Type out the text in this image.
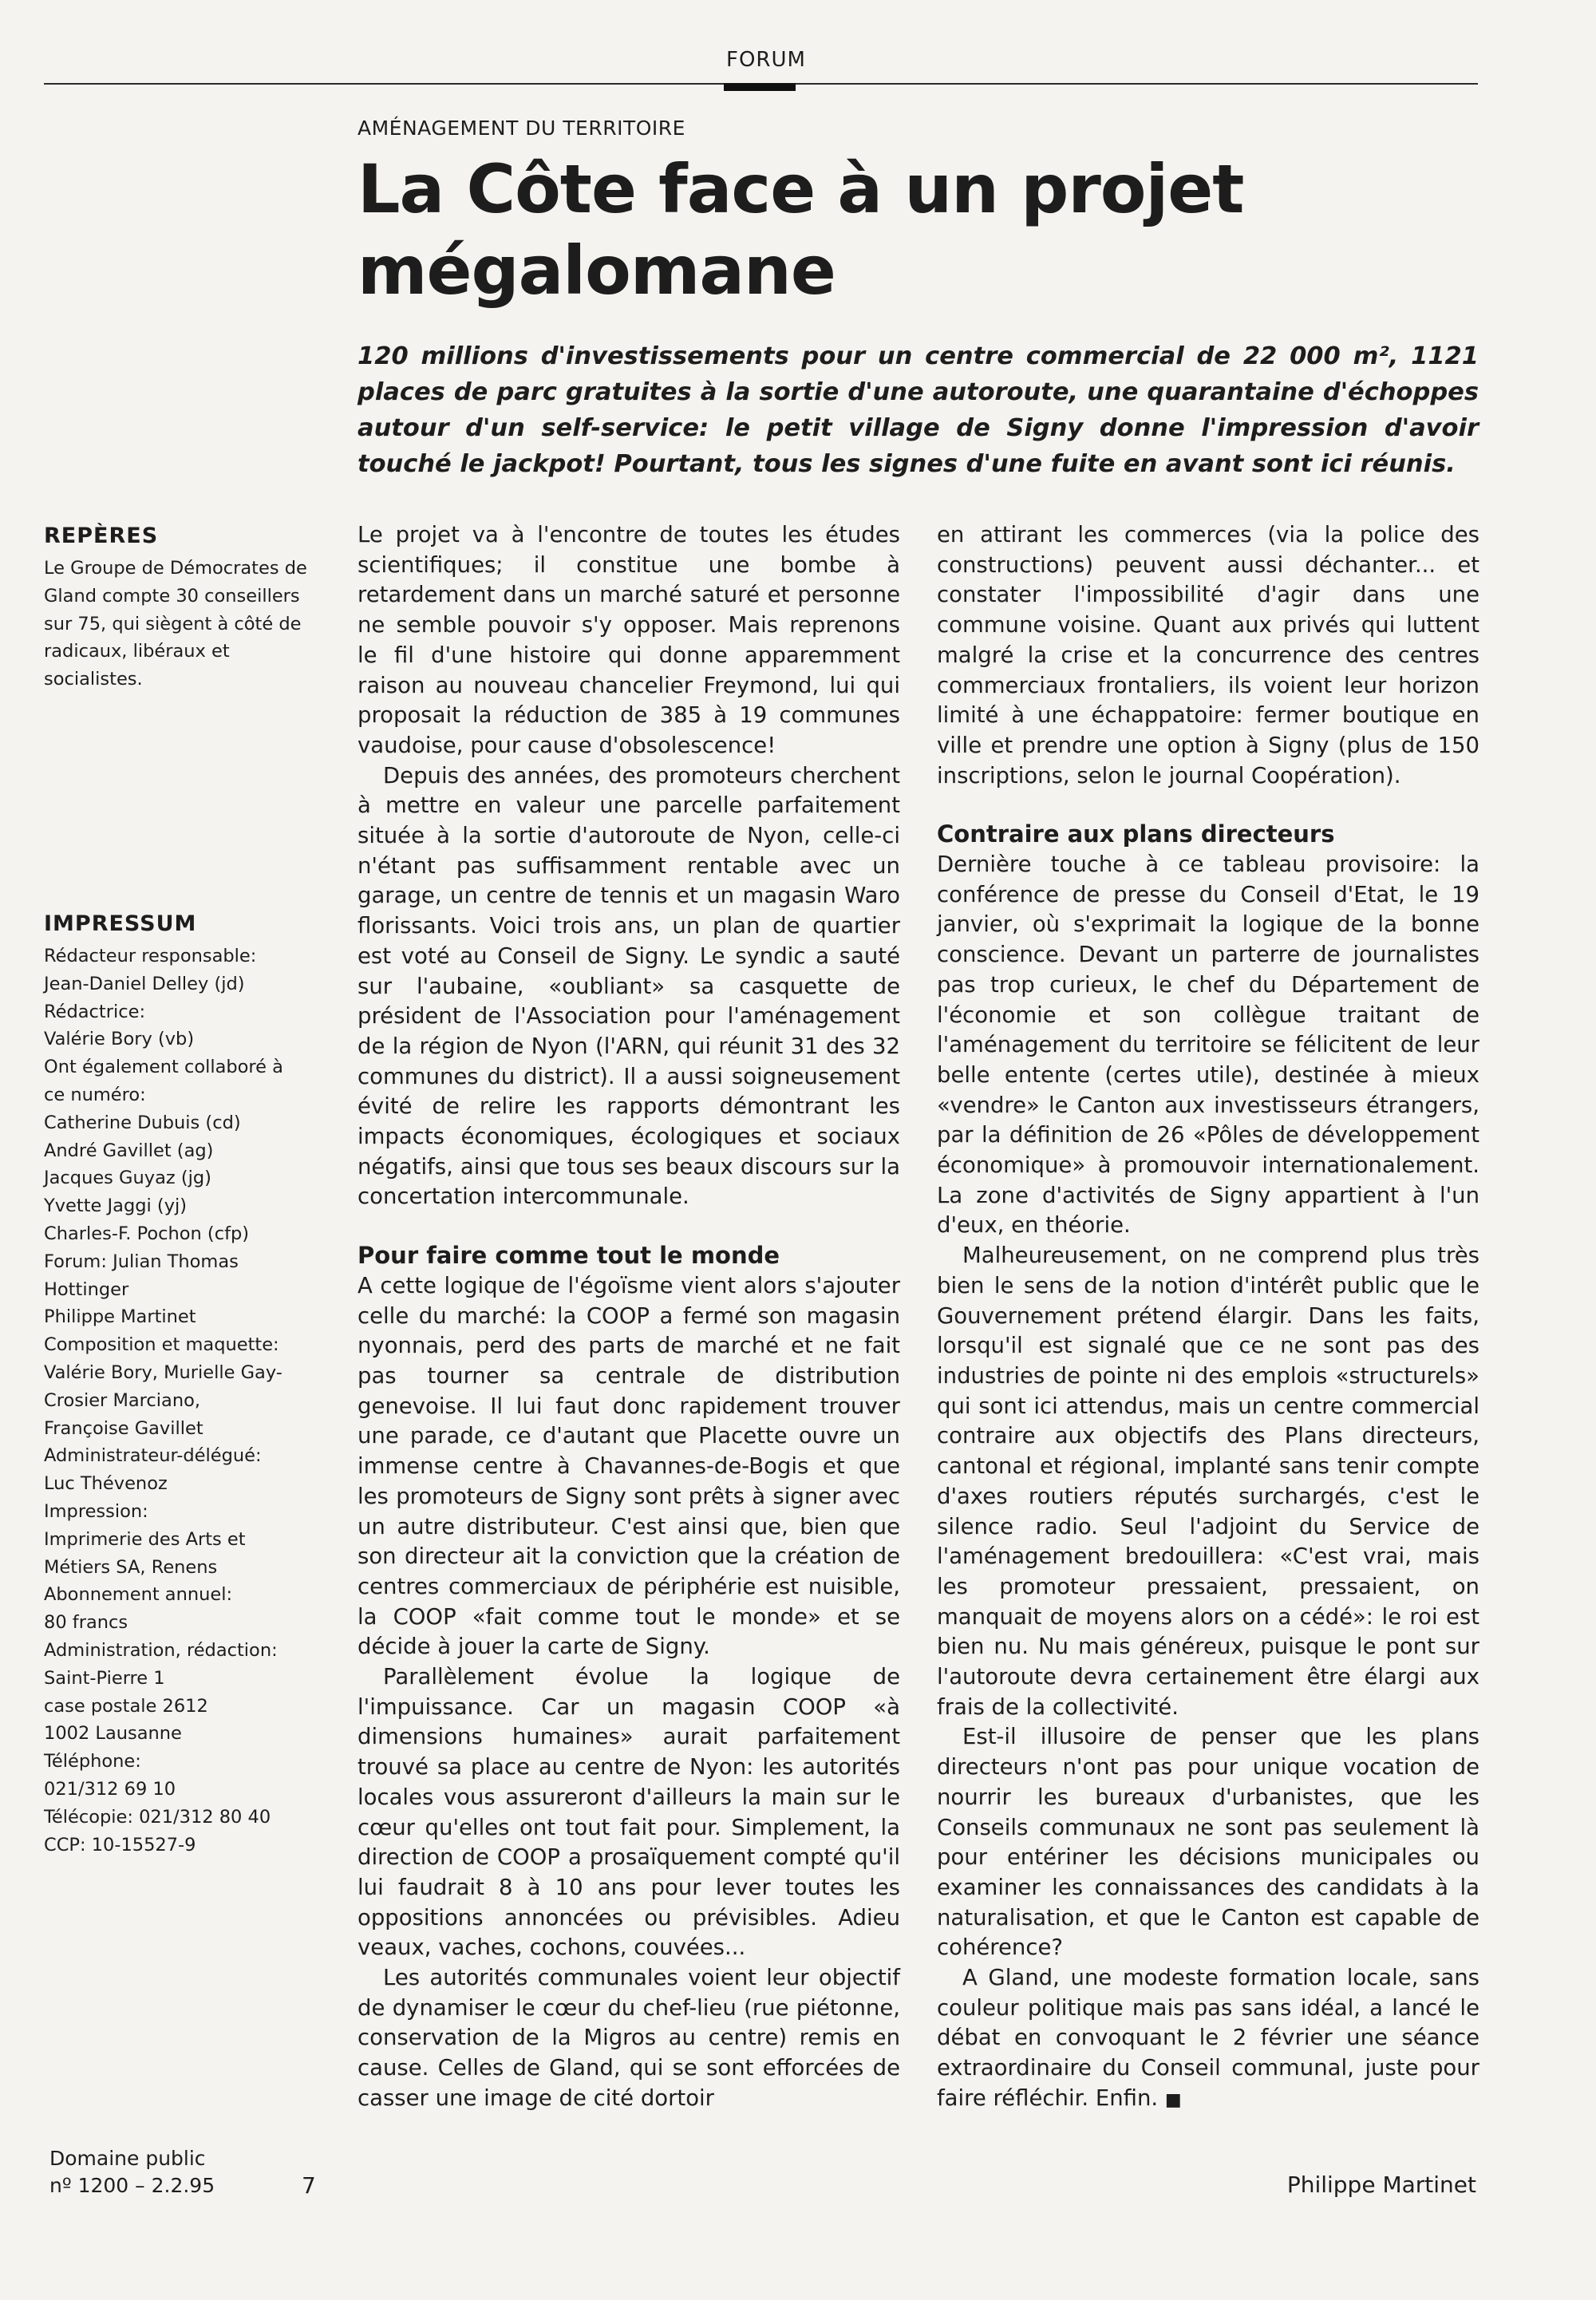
FORUM
AMÉNAGEMENT DU TERRITOIRE
La Côte face à un projet mégalomane

120 millions d'investissements pour un centre commercial de 22 000 m², 1121 places de parc gratuites à la sortie d'une autoroute, une quarantaine d'échoppes autour d'un self-service: le petit village de Signy donne l'impression d'avoir touché le jackpot! Pourtant, tous les signes d'une fuite en avant sont ici réunis.

REPÈRES

Le Groupe de Démocrates de Gland compte 30 conseillers sur 75, qui siègent à côté de radicaux, libéraux et socialistes.

IMPRESSUM
Rédacteur responsable:
Jean-Daniel Delley (jd)
Rédactrice:
Valérie Bory (vb)
Ont également collaboré à
ce numéro:
Catherine Dubuis (cd)
André Gavillet (ag)
Jacques Guyaz (jg)
Yvette Jaggi (yj)
Charles-F. Pochon (cfp)
Forum: Julian Thomas
Hottinger
Philippe Martinet
Composition et maquette:
Valérie Bory, Murielle Gay-
Crosier Marciano,
Françoise Gavillet
Administrateur-délégué:
Luc Thévenoz
Impression:
Imprimerie des Arts et
Métiers SA, Renens
Abonnement annuel:
80 francs
Administration, rédaction:
Saint-Pierre 1
case postale 2612
1002 Lausanne
Téléphone:
021/312 69 10
Télécopie: 021/312 80 40
CCP: 10-15527-9

Le projet va à l'encontre de toutes les études scientifiques; il constitue une bombe à retardement dans un marché saturé et personne ne semble pouvoir s'y opposer. Mais reprenons le fil d'une histoire qui donne apparemment raison au nouveau chancelier Freymond, lui qui proposait la réduction de 385 à 19 communes vaudoise, pour cause d'obsolescence!

Depuis des années, des promoteurs cherchent à mettre en valeur une parcelle parfaitement située à la sortie d'autoroute de Nyon, celle-ci n'étant pas suffisamment rentable avec un garage, un centre de tennis et un magasin Waro florissants. Voici trois ans, un plan de quartier est voté au Conseil de Signy. Le syndic a sauté sur l'aubaine, «oubliant» sa casquette de président de l'Association pour l'aménagement de la région de Nyon (l'ARN, qui réunit 31 des 32 communes du district). Il a aussi soigneusement évité de relire les rapports démontrant les impacts économiques, écologiques et sociaux négatifs, ainsi que tous ses beaux discours sur la concertation intercommunale.

Pour faire comme tout le monde

A cette logique de l'égoïsme vient alors s'ajouter celle du marché: la COOP a fermé son magasin nyonnais, perd des parts de marché et ne fait pas tourner sa centrale de distribution genevoise. Il lui faut donc rapidement trouver une parade, ce d'autant que Placette ouvre un immense centre à Chavannes-de-Bogis et que les promoteurs de Signy sont prêts à signer avec un autre distributeur. C'est ainsi que, bien que son directeur ait la conviction que la création de centres commerciaux de périphérie est nuisible, la COOP «fait comme tout le monde» et se décide à jouer la carte de Signy.

Parallèlement évolue la logique de l'impuissance. Car un magasin COOP «à dimensions humaines» aurait parfaitement trouvé sa place au centre de Nyon: les autorités locales vous assureront d'ailleurs la main sur le cœur qu'elles ont tout fait pour. Simplement, la direction de COOP a prosaïquement compté qu'il lui faudrait 8 à 10 ans pour lever toutes les oppositions annoncées ou prévisibles. Adieu veaux, vaches, cochons, couvées...

Les autorités communales voient leur objectif de dynamiser le cœur du chef-lieu (rue piétonne, conservation de la Migros au centre) remis en cause. Celles de Gland, qui se sont efforcées de casser une image de cité dortoir

en attirant les commerces (via la police des constructions) peuvent aussi déchanter... et constater l'impossibilité d'agir dans une commune voisine. Quant aux privés qui luttent malgré la crise et la concurrence des centres commerciaux frontaliers, ils voient leur horizon limité à une échappatoire: fermer boutique en ville et prendre une option à Signy (plus de 150 inscriptions, selon le journal Coopération).

Contraire aux plans directeurs

Dernière touche à ce tableau provisoire: la conférence de presse du Conseil d'Etat, le 19 janvier, où s'exprimait la logique de la bonne conscience. Devant un parterre de journalistes pas trop curieux, le chef du Département de l'économie et son collègue traitant de l'aménagement du territoire se félicitent de leur belle entente (certes utile), destinée à mieux «vendre» le Canton aux investisseurs étrangers, par la définition de 26 «Pôles de développement économique» à promouvoir internationalement. La zone d'activités de Signy appartient à l'un d'eux, en théorie.

Malheureusement, on ne comprend plus très bien le sens de la notion d'intérêt public que le Gouvernement prétend élargir. Dans les faits, lorsqu'il est signalé que ce ne sont pas des industries de pointe ni des emplois «structurels» qui sont ici attendus, mais un centre commercial contraire aux objectifs des Plans directeurs, cantonal et régional, implanté sans tenir compte d'axes routiers réputés surchargés, c'est le silence radio. Seul l'adjoint du Service de l'aménagement bredouillera: «C'est vrai, mais les promoteur pressaient, pressaient, on manquait de moyens alors on a cédé»: le roi est bien nu. Nu mais généreux, puisque le pont sur l'autoroute devra certainement être élargi aux frais de la collectivité.

Est-il illusoire de penser que les plans directeurs n'ont pas pour unique vocation de nourrir les bureaux d'urbanistes, que les Conseils communaux ne sont pas seulement là pour entériner les décisions municipales ou examiner les connaissances des candidats à la naturalisation, et que le Canton est capable de cohérence?

A Gland, une modeste formation locale, sans couleur politique mais pas sans idéal, a lancé le débat en convoquant le 2 février une séance extraordinaire du Conseil communal, juste pour faire réfléchir. Enfin. ■

Domaine public
nº 1200 – 2.2.95	7	Philippe Martinet
